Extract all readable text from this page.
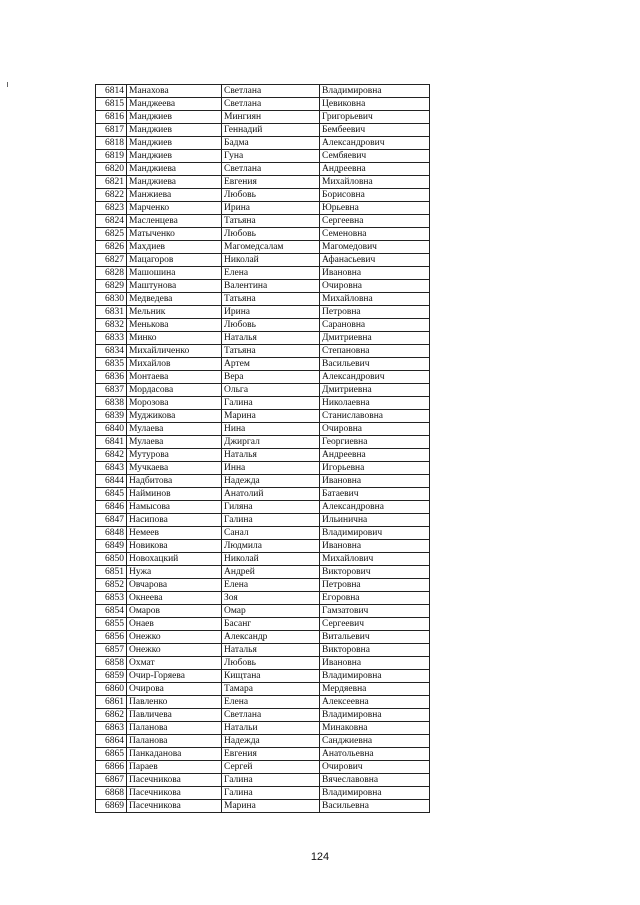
6814	Манахова	Светлана	Владимировна
6815	Манджеева	Светлана	Цевиковна
6816	Манджиев	Мингиян	Григорьевич
6817	Манджиев	Геннадий	Бембеевич
6818	Манджиев	Бадма	Александрович
6819	Манджиев	Гуна	Сембяевич
6820	Манджиева	Светлана	Андреевна
6821	Манджиева	Евгения	Михайловна
6822	Манжиева	Любовь	Борисовна
6823	Марченко	Ирина	Юрьевна
6824	Масленцева	Татьяна	Сергеевна
6825	Матыченко	Любовь	Семеновна
6826	Махдиев	Магомедсалам	Магомедович
6827	Мацагоров	Николай	Афанасьевич
6828	Машошина	Елена	Ивановна
6829	Маштунова	Валентина	Очировна
6830	Медведева	Татьяна	Михайловна
6831	Мельник	Ирина	Петровна
6832	Менькова	Любовь	Сарановна
6833	Минко	Наталья	Дмитриевна
6834	Михайличенко	Татьяна	Степановна
6835	Михайлов	Артем	Васильевич
6836	Монтаева	Вера	Александрович
6837	Мордасова	Ольга	Дмитриевна
6838	Морозова	Галина	Николаевна
6839	Муджикова	Марина	Станиславовна
6840	Мулаева	Нина	Очировна
6841	Мулаева	Джиргал	Георгиевна
6842	Мутурова	Наталья	Андреевна
6843	Мучкаева	Инна	Игорьевна
6844	Надбитова	Надежда	Ивановна
6845	Найминов	Анатолий	Батаевич
6846	Намысова	Гиляна	Александровна
6847	Насипова	Галина	Ильинична
6848	Немеев	Санал	Владимирович
6849	Новикова	Людмила	Ивановна
6850	Новохацкий	Николай	Михайлович
6851	Нужа	Андрей	Викторович
6852	Овчарова	Елена	Петровна
6853	Окнеева	Зоя	Егоровна
6854	Омаров	Омар	Гамзатович
6855	Онаев	Басанг	Сергеевич
6856	Онежко	Александр	Витальевич
6857	Онежко	Наталья	Викторовна
6858	Охмат	Любовь	Ивановна
6859	Очир-Горяева	Кищтана	Владимировна
6860	Очирова	Тамара	Мердяевна
6861	Павленко	Елена	Алексеевна
6862	Павличева	Светлана	Владимировна
6863	Паланова	Натальи	Минаковна
6864	Паланова	Надежда	Санджиевна
6865	Панкаданова	Евгения	Анатольевна
6866	Параев	Сергей	Очирович
6867	Пасечникова	Галина	Вячеславовна
6868	Пасечникова	Галина	Владимировна
6869	Пасечникова	Марина	Васильевна
124
